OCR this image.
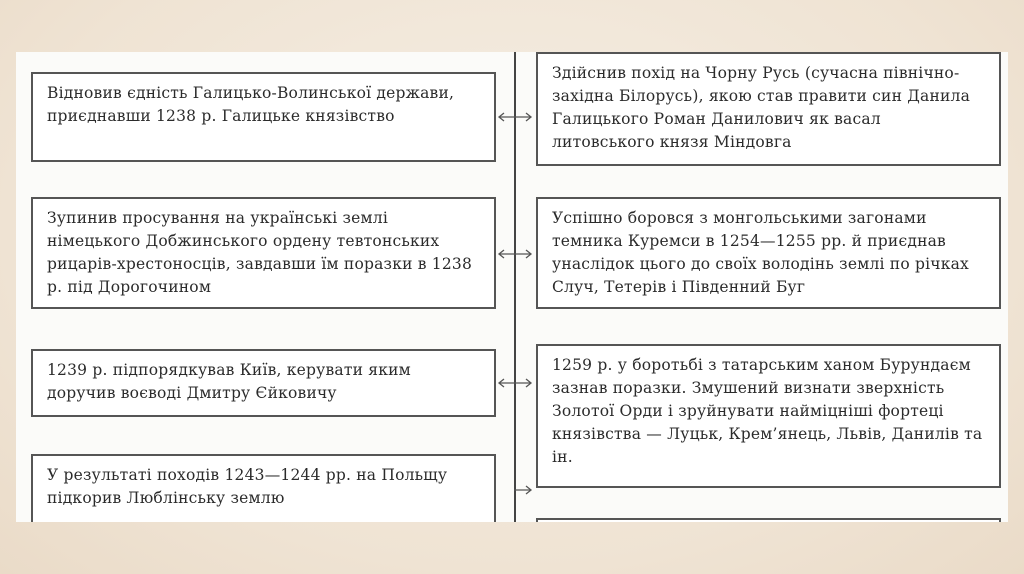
Відновив єдність Галицько-Волинської держави, приєднавши 1238 р. Галицьке князівство
Зупинив просування на українські землі німецького Добжинського ордену тевтонських рицарів-хрестоносців, завдавши їм поразки в 1238 р. під Дорогочином
1239 р. підпорядкував Київ, керувати яким доручив воєводі Дмитру Єйковичу
У результаті походів 1243—1244 рр. на Польщу підкорив Люблінську землю
Здійснив похід на Чорну Русь (сучасна північно-західна Білорусь), якою став правити син Данила Галицького Роман Данилович як васал литовського князя Міндовга
Успішно боровся з монгольськими загонами темника Куремси в 1254—1255 рр. й приєднав унаслідок цього до своїх володінь землі по річках Случ, Тетерів і Південний Буг
1259 р. у боротьбі з татарським ханом Бурундаєм зазнав поразки. Змушений визнати зверхність Золотої Орди і зруйнувати найміцніші фортеці князівства — Луцьк, Крем’янець, Львів, Данилів та ін.
